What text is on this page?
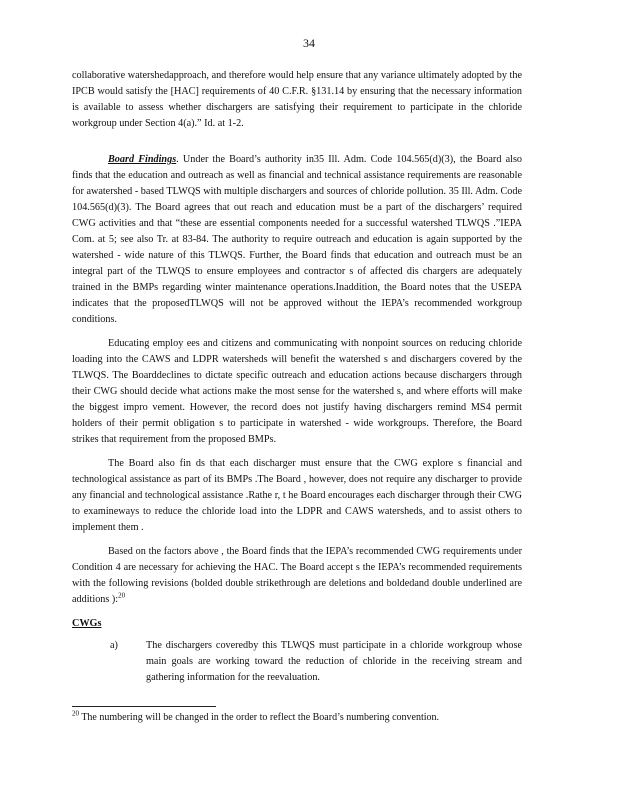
34

collaborative watershedapproach, and therefore would help ensure that any variance ultimately adopted by the IPCB would satisfy the [HAC] requirements of 40 C.F.R. §131.14 by ensuring that the necessary information is available to assess whether dischargers are satisfying their requirement to participate in the chloride workgroup under Section 4(a).” Id. at 1-2.

Board Findings. Under the Board’s authority in35 Ill. Adm. Code 104.565(d)(3), the Board also finds that the education and outreach as well as financial and technical assistance requirements are reasonable for awatershed - based TLWQS with multiple dischargers and sources of chloride pollution. 35 Ill. Adm. Code 104.565(d)(3). The Board agrees that out reach and education must be a part of the dischargers’ required CWG activities and that “these are essential components needed for a successful watershed TLWQS .”IEPA Com. at 5; see also Tr. at 83-84. The authority to require outreach and education is again supported by the watershed - wide nature of this TLWQS. Further, the Board finds that education and outreach must be an integral part of the TLWQS to ensure employees and contractor s of affected dis chargers are adequately trained in the BMPs regarding winter maintenance operations.Inaddition, the Board notes that the USEPA indicates that the proposedTLWQS will not be approved without the IEPA’s recommended workgroup conditions.

Educating employ ees and citizens and communicating with nonpoint sources on reducing chloride loading into the CAWS and LDPR watersheds will benefit the watershed s and dischargers covered by the TLWQS. The Boarddeclines to dictate specific outreach and education actions because dischargers through their CWG should decide what actions make the most sense for the watershed s, and where efforts will make the biggest impro vement. However, the record does not justify having dischargers remind MS4 permit holders of their permit obligation s to participate in watershed - wide workgroups. Therefore, the Board strikes that requirement from the proposed BMPs.

The Board also fin ds that each discharger must ensure that the CWG explore s financial and technological assistance as part of its BMPs .The Board , however, does not require any discharger to provide any financial and technological assistance .Rathe r, t he Board encourages each discharger through their CWG to examineways to reduce the chloride load into the LDPR and CAWS watersheds, and to assist others to implement them .

Based on the factors above , the Board finds that the IEPA’s recommended CWG requirements under Condition 4 are necessary for achieving the HAC. The Board accept s the IEPA’s recommended requirements with the following revisions (bolded double strikethrough are deletions and boldedand double underlined are additions ):$^{20}$

CWGs

a)	The dischargers coveredby this TLWQS must participate in a chloride workgroup whose main goals are working toward the reduction of chloride in the receiving stream and gathering information for the reevaluation.
$^{20}$ The numbering will be changed in the order to reflect the Board’s numbering convention.
